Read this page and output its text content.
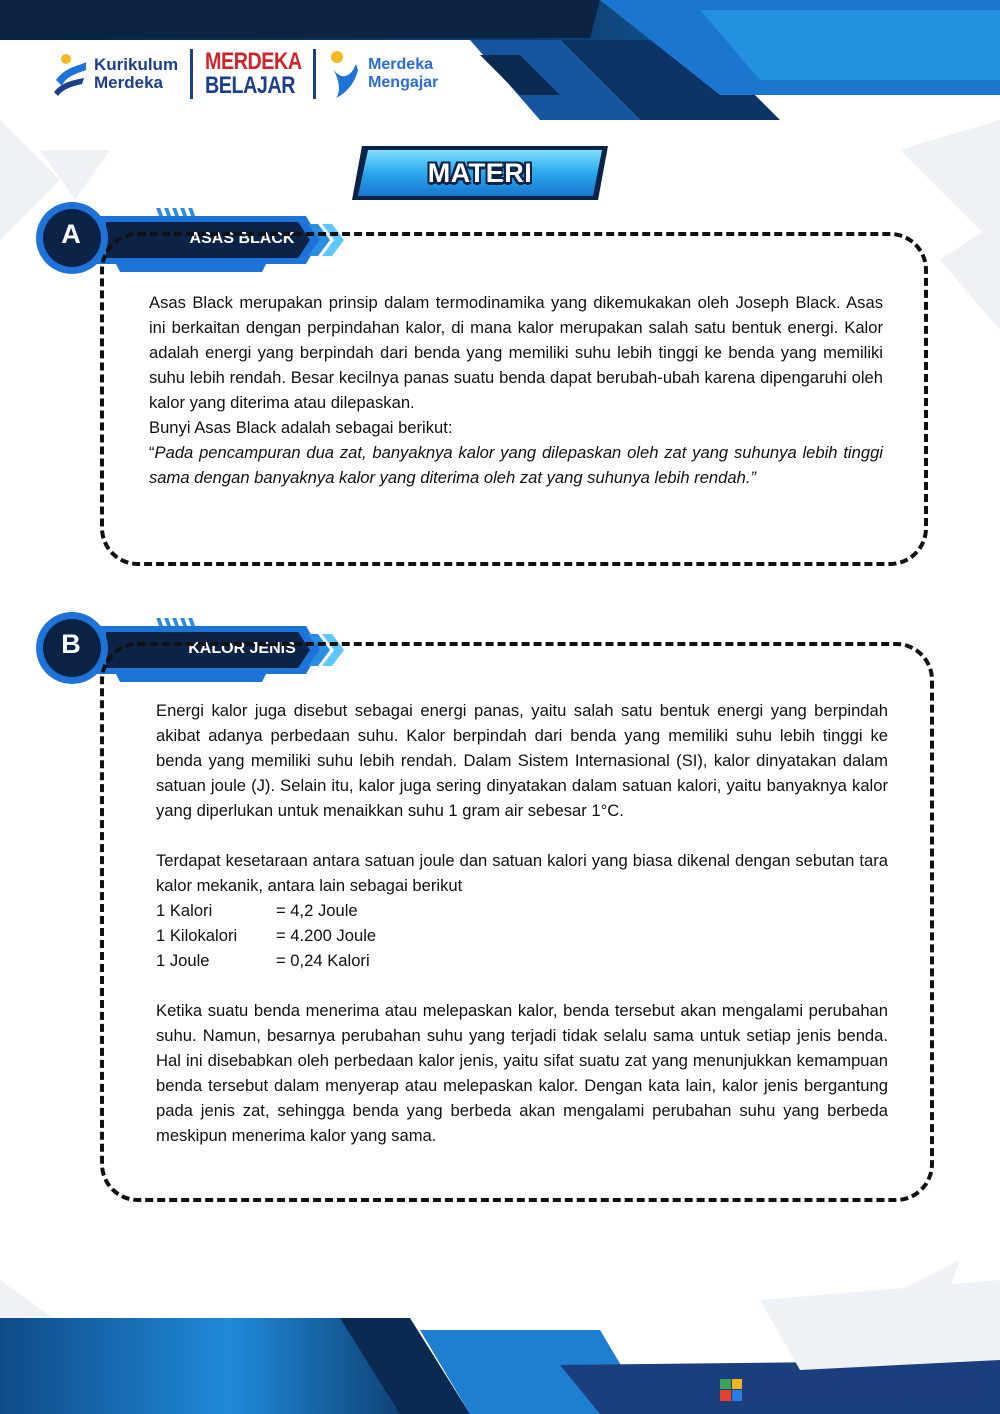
Kurikulum
Merdeka
MERDEKA
BELAJAR
Merdeka
Mengajar
MATERI
A	ASAS BLACK

Asas Black merupakan prinsip dalam termodinamika yang dikemukakan oleh Joseph Black. Asas ini berkaitan dengan perpindahan kalor, di mana kalor merupakan salah satu bentuk energi. Kalor adalah energi yang berpindah dari benda yang memiliki suhu lebih tinggi ke benda yang memiliki suhu lebih rendah. Besar kecilnya panas suatu benda dapat berubah-ubah karena dipengaruhi oleh kalor yang diterima atau dilepaskan.

Bunyi Asas Black adalah sebagai berikut:

“Pada pencampuran dua zat, banyaknya kalor yang dilepaskan oleh zat yang suhunya lebih tinggi sama dengan banyaknya kalor yang diterima oleh zat yang suhunya lebih rendah.”

B	KALOR JENIS

Energi kalor juga disebut sebagai energi panas, yaitu salah satu bentuk energi yang berpindah akibat adanya perbedaan suhu. Kalor berpindah dari benda yang memiliki suhu lebih tinggi ke benda yang memiliki suhu lebih rendah. Dalam Sistem Internasional (SI), kalor dinyatakan dalam satuan joule (J). Selain itu, kalor juga sering dinyatakan dalam satuan kalori, yaitu banyaknya kalor yang diperlukan untuk menaikkan suhu 1 gram air sebesar 1°C.

Terdapat kesetaraan antara satuan joule dan satuan kalori yang biasa dikenal dengan sebutan tara kalor mekanik, antara lain sebagai berikut

1 Kalori	= 4,2 Joule
1 Kilokalori	= 4.200 Joule
1 Joule	= 0,24 Kalori

Ketika suatu benda menerima atau melepaskan kalor, benda tersebut akan mengalami perubahan suhu. Namun, besarnya perubahan suhu yang terjadi tidak selalu sama untuk setiap jenis benda. Hal ini disebabkan oleh perbedaan kalor jenis, yaitu sifat suatu zat yang menunjukkan kemampuan benda tersebut dalam menyerap atau melepaskan kalor. Dengan kata lain, kalor jenis bergantung pada jenis zat, sehingga benda yang berbeda akan mengalami perubahan suhu yang berbeda meskipun menerima kalor yang sama.

LIVEWORKSHEETS
